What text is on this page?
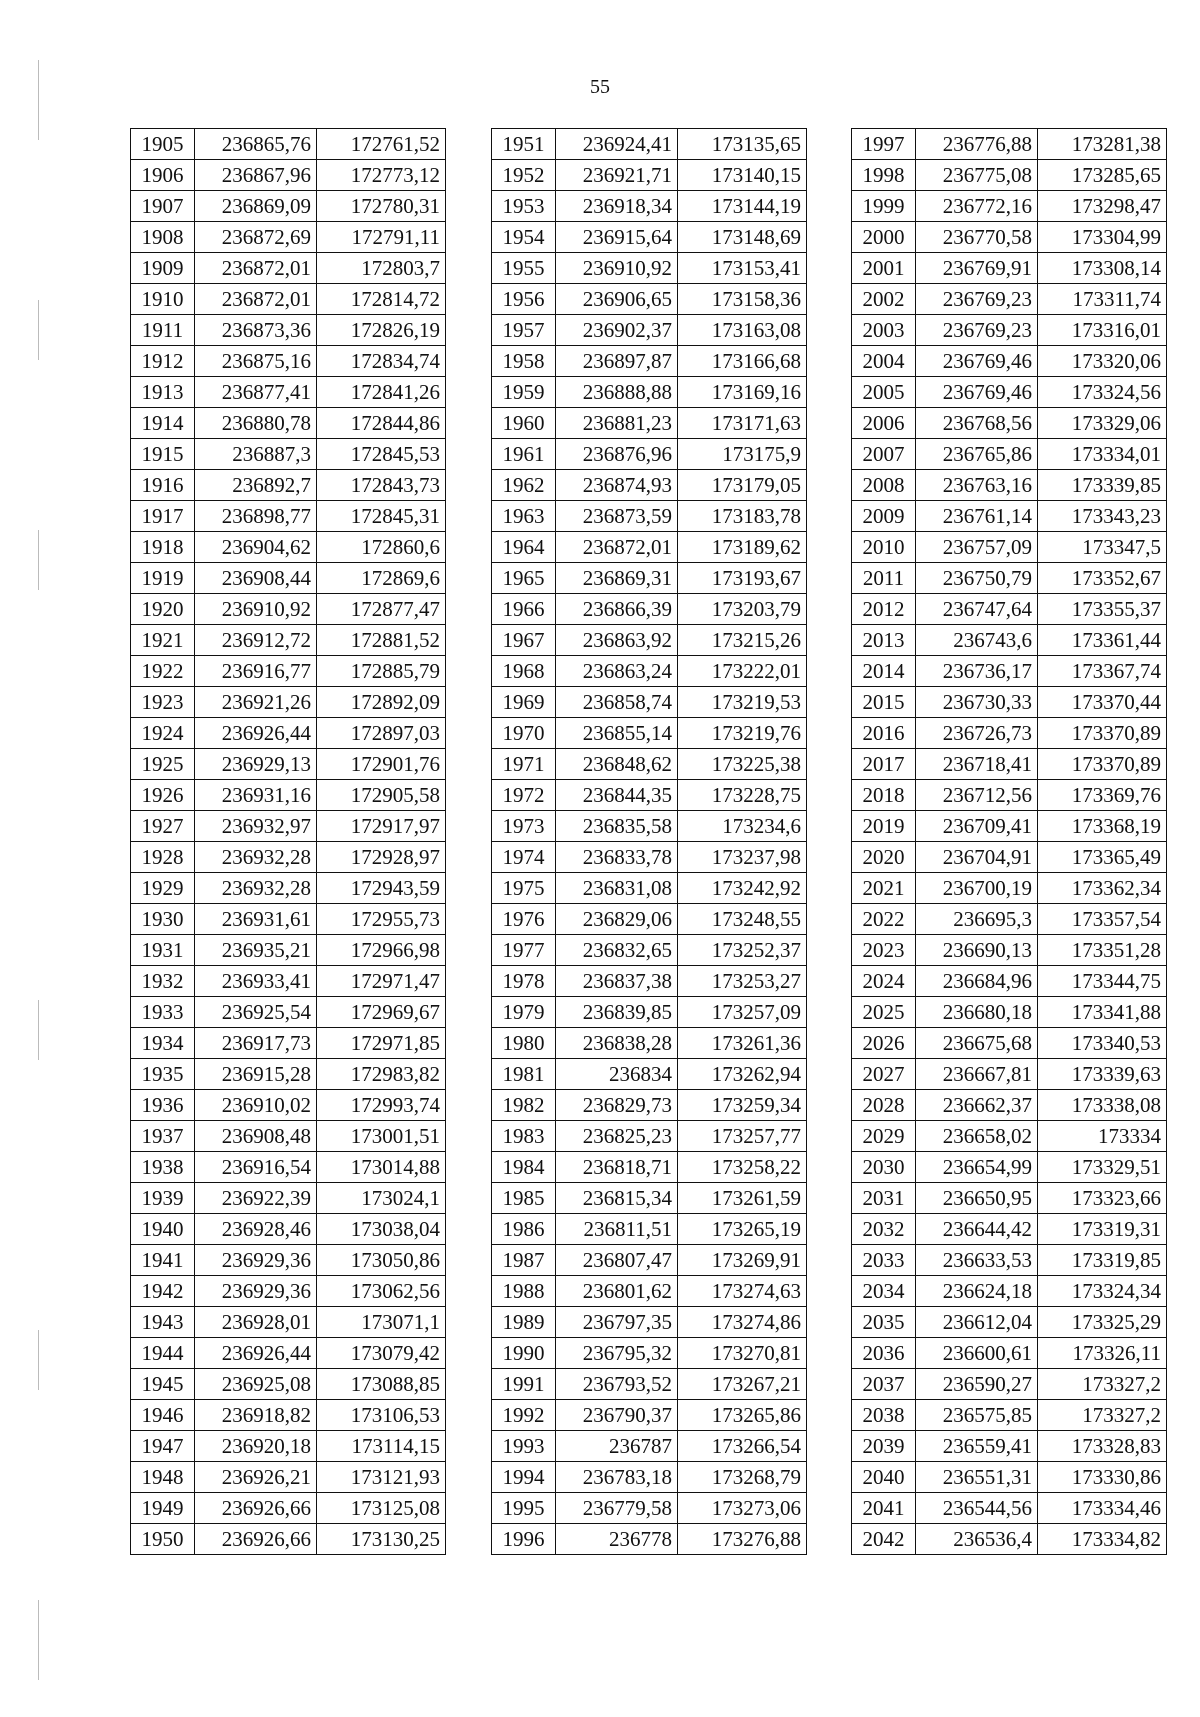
55
1905	236865,76	172761,52
1906	236867,96	172773,12
1907	236869,09	172780,31
1908	236872,69	172791,11
1909	236872,01	172803,7
1910	236872,01	172814,72
1911	236873,36	172826,19
1912	236875,16	172834,74
1913	236877,41	172841,26
1914	236880,78	172844,86
1915	236887,3	172845,53
1916	236892,7	172843,73
1917	236898,77	172845,31
1918	236904,62	172860,6
1919	236908,44	172869,6
1920	236910,92	172877,47
1921	236912,72	172881,52
1922	236916,77	172885,79
1923	236921,26	172892,09
1924	236926,44	172897,03
1925	236929,13	172901,76
1926	236931,16	172905,58
1927	236932,97	172917,97
1928	236932,28	172928,97
1929	236932,28	172943,59
1930	236931,61	172955,73
1931	236935,21	172966,98
1932	236933,41	172971,47
1933	236925,54	172969,67
1934	236917,73	172971,85
1935	236915,28	172983,82
1936	236910,02	172993,74
1937	236908,48	173001,51
1938	236916,54	173014,88
1939	236922,39	173024,1
1940	236928,46	173038,04
1941	236929,36	173050,86
1942	236929,36	173062,56
1943	236928,01	173071,1
1944	236926,44	173079,42
1945	236925,08	173088,85
1946	236918,82	173106,53
1947	236920,18	173114,15
1948	236926,21	173121,93
1949	236926,66	173125,08
1950	236926,66	173130,25
1951	236924,41	173135,65
1952	236921,71	173140,15
1953	236918,34	173144,19
1954	236915,64	173148,69
1955	236910,92	173153,41
1956	236906,65	173158,36
1957	236902,37	173163,08
1958	236897,87	173166,68
1959	236888,88	173169,16
1960	236881,23	173171,63
1961	236876,96	173175,9
1962	236874,93	173179,05
1963	236873,59	173183,78
1964	236872,01	173189,62
1965	236869,31	173193,67
1966	236866,39	173203,79
1967	236863,92	173215,26
1968	236863,24	173222,01
1969	236858,74	173219,53
1970	236855,14	173219,76
1971	236848,62	173225,38
1972	236844,35	173228,75
1973	236835,58	173234,6
1974	236833,78	173237,98
1975	236831,08	173242,92
1976	236829,06	173248,55
1977	236832,65	173252,37
1978	236837,38	173253,27
1979	236839,85	173257,09
1980	236838,28	173261,36
1981	236834	173262,94
1982	236829,73	173259,34
1983	236825,23	173257,77
1984	236818,71	173258,22
1985	236815,34	173261,59
1986	236811,51	173265,19
1987	236807,47	173269,91
1988	236801,62	173274,63
1989	236797,35	173274,86
1990	236795,32	173270,81
1991	236793,52	173267,21
1992	236790,37	173265,86
1993	236787	173266,54
1994	236783,18	173268,79
1995	236779,58	173273,06
1996	236778	173276,88
1997	236776,88	173281,38
1998	236775,08	173285,65
1999	236772,16	173298,47
2000	236770,58	173304,99
2001	236769,91	173308,14
2002	236769,23	173311,74
2003	236769,23	173316,01
2004	236769,46	173320,06
2005	236769,46	173324,56
2006	236768,56	173329,06
2007	236765,86	173334,01
2008	236763,16	173339,85
2009	236761,14	173343,23
2010	236757,09	173347,5
2011	236750,79	173352,67
2012	236747,64	173355,37
2013	236743,6	173361,44
2014	236736,17	173367,74
2015	236730,33	173370,44
2016	236726,73	173370,89
2017	236718,41	173370,89
2018	236712,56	173369,76
2019	236709,41	173368,19
2020	236704,91	173365,49
2021	236700,19	173362,34
2022	236695,3	173357,54
2023	236690,13	173351,28
2024	236684,96	173344,75
2025	236680,18	173341,88
2026	236675,68	173340,53
2027	236667,81	173339,63
2028	236662,37	173338,08
2029	236658,02	173334
2030	236654,99	173329,51
2031	236650,95	173323,66
2032	236644,42	173319,31
2033	236633,53	173319,85
2034	236624,18	173324,34
2035	236612,04	173325,29
2036	236600,61	173326,11
2037	236590,27	173327,2
2038	236575,85	173327,2
2039	236559,41	173328,83
2040	236551,31	173330,86
2041	236544,56	173334,46
2042	236536,4	173334,82
